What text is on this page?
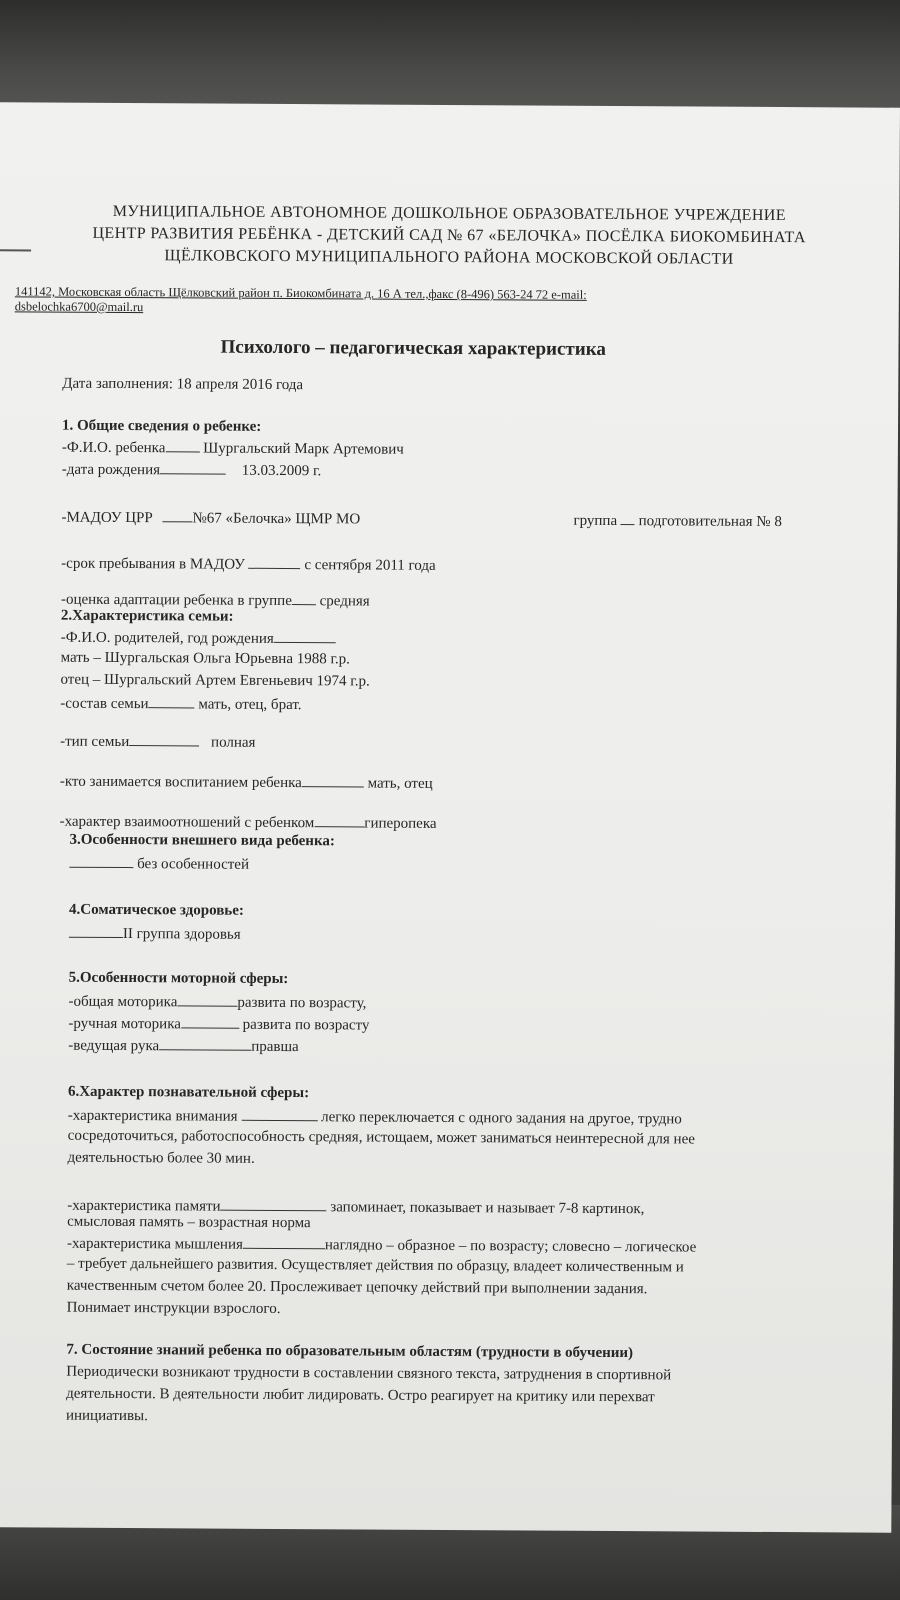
МУНИЦИПАЛЬНОЕ АВТОНОМНОЕ ДОШКОЛЬНОЕ ОБРАЗОВАТЕЛЬНОЕ УЧРЕЖДЕНИЕ
ЦЕНТР РАЗВИТИЯ РЕБЁНКА - ДЕТСКИЙ САД № 67 «БЕЛОЧКА» ПОСЁЛКА БИОКОМБИНАТА
ЩЁЛКОВСКОГО МУНИЦИПАЛЬНОГО РАЙОНА МОСКОВСКОЙ ОБЛАСТИ
141142, Московская область Щёлковский район п. Биокомбината д. 16 А тел.,факс (8-496) 563-24 72 e-mail:
dsbelochka6700@mail.ru
Психолого – педагогическая характеристика
Дата заполнения: 18 апреля 2016 года
1. Общие сведения о ребенке:
-Ф.И.О. ребенка	Шургальский Марк Артемович
-дата рождения	13.03.2009 г.
-МАДОУ ЦРР	№67 «Белочка» ЩМР МО	группа подготовительная № 8
-срок пребывания в МАДОУ	с сентября 2011 года
-оценка адаптации ребенка в группе средняя
2.Характеристика семьи:
-Ф.И.О. родителей, год рождения
мать – Шургальская Ольга Юрьевна 1988 г.р.
отец – Шургальский Артем Евгеньевич 1974 г.р.
-состав семьи	мать, отец, брат.
-тип семьи	полная
-кто занимается воспитанием ребенка	мать, отец
-характер взаимоотношений с ребенком	гиперопека
3.Особенности внешнего вида ребенка:
без особенностей
4.Соматическое здоровье:
II группа здоровья
5.Особенности моторной сферы:
-общая моторика	развита по возрасту,
-ручная моторика	развита по возрасту
-ведущая рука	правша
6.Характер познавательной сферы:
-характеристика внимания	легко переключается с одного задания на другое, трудно
сосредоточиться, работоспособность средняя, истощаем, может заниматься неинтересной для нее
деятельностью более 30 мин.
-характеристика памяти	запоминает, показывает и называет 7-8 картинок,
смысловая память – возрастная норма
-характеристика мышления	наглядно – образное – по возрасту; словесно – логическое
– требует дальнейшего развития. Осуществляет действия по образцу, владеет количественным и
качественным счетом более 20. Прослеживает цепочку действий при выполнении задания.
Понимает инструкции взрослого.
7. Состояние знаний ребенка по образовательным областям (трудности в обучении)
Периодически возникают трудности в составлении связного текста, затруднения в спортивной
деятельности. В деятельности любит лидировать. Остро реагирует на критику или перехват
инициативы.
